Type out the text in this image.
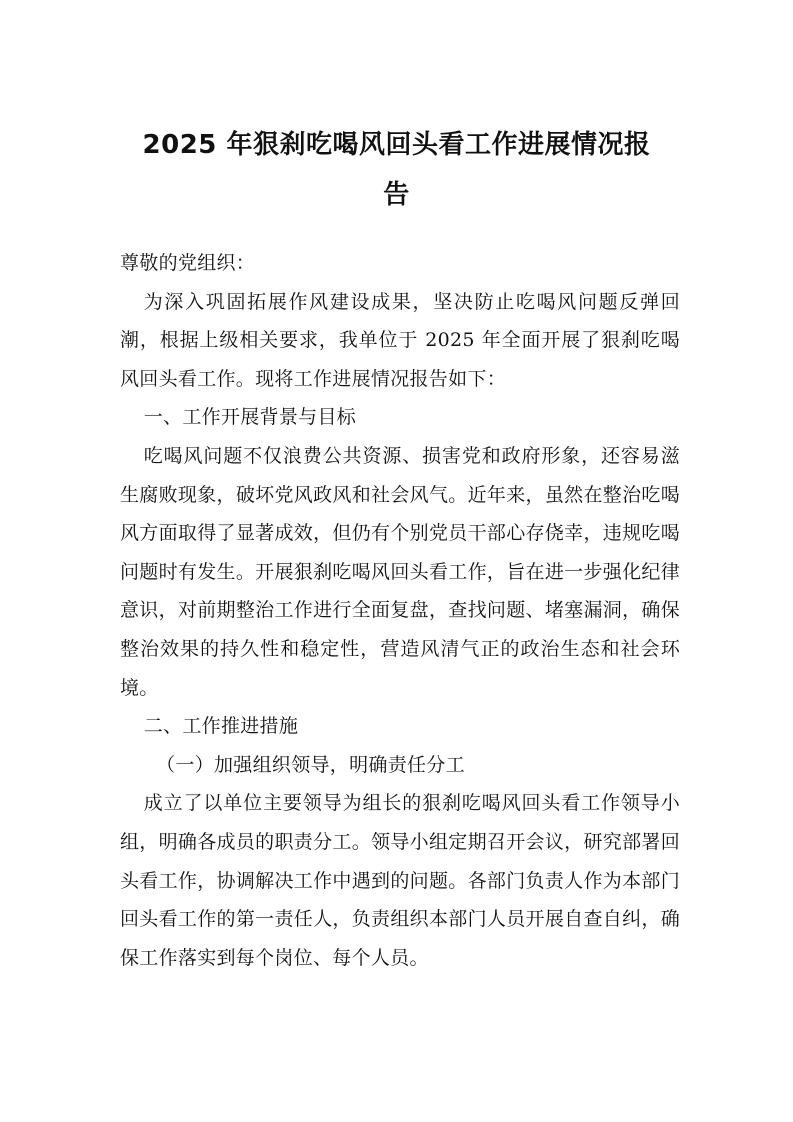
2025 年狠刹吃喝风回头看工作进展情况报
告

尊敬的党组织：

为深入巩固拓展作风建设成果，坚决防止吃喝风问题反弹回潮，根据上级相关要求，我单位于 2025 年全面开展了狠刹吃喝风回头看工作。现将工作进展情况报告如下：

一、工作开展背景与目标

吃喝风问题不仅浪费公共资源、损害党和政府形象，还容易滋生腐败现象，破坏党风政风和社会风气。近年来，虽然在整治吃喝风方面取得了显著成效，但仍有个别党员干部心存侥幸，违规吃喝问题时有发生。开展狠刹吃喝风回头看工作，旨在进一步强化纪律意识，对前期整治工作进行全面复盘，查找问题、堵塞漏洞，确保整治效果的持久性和稳定性，营造风清气正的政治生态和社会环境。

二、工作推进措施

（一）加强组织领导，明确责任分工

成立了以单位主要领导为组长的狠刹吃喝风回头看工作领导小组，明确各成员的职责分工。领导小组定期召开会议，研究部署回头看工作，协调解决工作中遇到的问题。各部门负责人作为本部门回头看工作的第一责任人，负责组织本部门人员开展自查自纠，确保工作落实到每个岗位、每个人员。
